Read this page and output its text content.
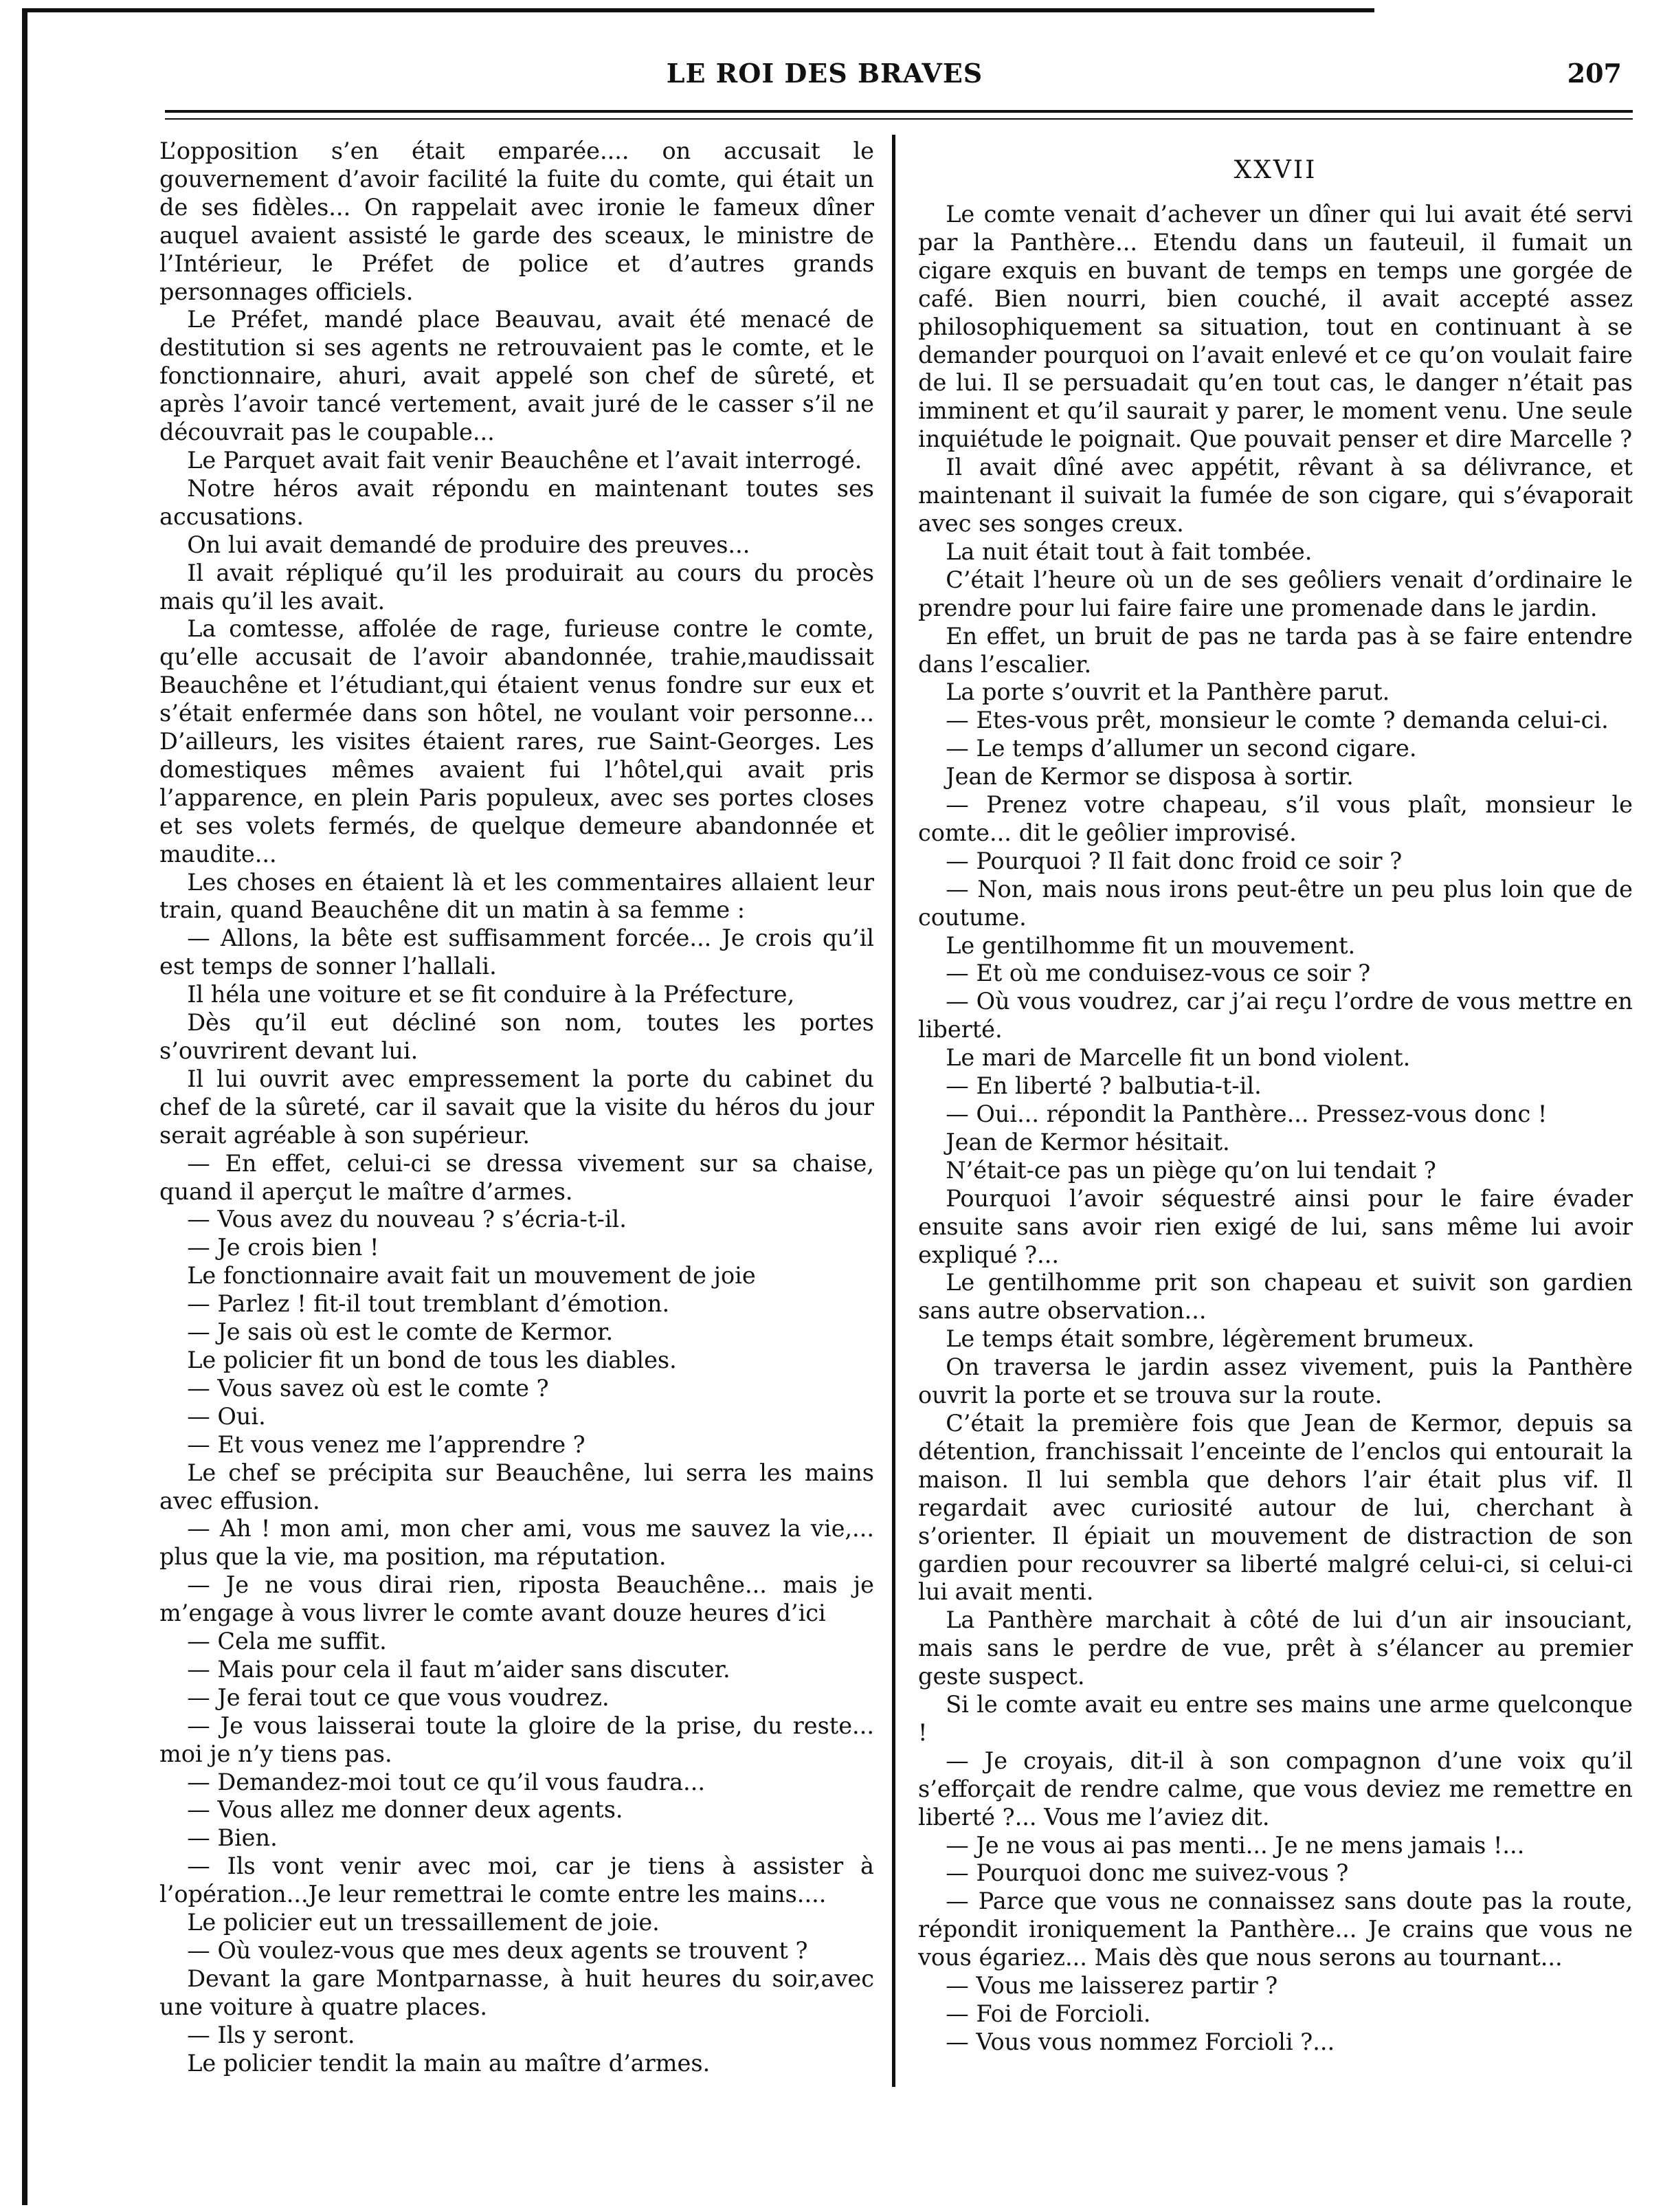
LE ROI DES BRAVES	207

L’opposition s’en était emparée.... on accusait le gouvernement d’avoir facilité la fuite du comte, qui était un de ses fidèles... On rappelait avec ironie le fameux dîner auquel avaient assisté le garde des sceaux, le ministre de l’Intérieur, le Préfet de police et d’autres grands personnages officiels.

Le Préfet, mandé place Beauvau, avait été menacé de destitution si ses agents ne retrouvaient pas le comte, et le fonctionnaire, ahuri, avait appelé son chef de sûreté, et après l’avoir tancé vertement, avait juré de le casser s’il ne découvrait pas le coupable...

Le Parquet avait fait venir Beauchêne et l’avait interrogé.

Notre héros avait répondu en maintenant toutes ses accusations.

On lui avait demandé de produire des preuves...

Il avait répliqué qu’il les produirait au cours du procès mais qu’il les avait.

La comtesse, affolée de rage, furieuse contre le comte, qu’elle accusait de l’avoir abandonnée, trahie,maudissait Beauchêne et l’étudiant,qui étaient venus fondre sur eux et s’était enfermée dans son hôtel, ne voulant voir personne... D’ailleurs, les visites étaient rares, rue Saint-Georges. Les domestiques mêmes avaient fui l’hôtel,qui avait pris l’apparence, en plein Paris populeux, avec ses portes closes et ses volets fermés, de quelque demeure abandonnée et maudite...

Les choses en étaient là et les commentaires allaient leur train, quand Beauchêne dit un matin à sa femme :

— Allons, la bête est suffisamment forcée... Je crois qu’il est temps de sonner l’hallali.

Il héla une voiture et se fit conduire à la Préfecture,

Dès qu’il eut décliné son nom, toutes les portes s’ouvrirent devant lui.

Il lui ouvrit avec empressement la porte du cabinet du chef de la sûreté, car il savait que la visite du héros du jour serait agréable à son supérieur.

— En effet, celui-ci se dressa vivement sur sa chaise, quand il aperçut le maître d’armes.

— Vous avez du nouveau ? s’écria-t-il.

— Je crois bien !

Le fonctionnaire avait fait un mouvement de joie

— Parlez ! fit-il tout tremblant d’émotion.

— Je sais où est le comte de Kermor.

Le policier fit un bond de tous les diables.

— Vous savez où est le comte ?

— Oui.

— Et vous venez me l’apprendre ?

Le chef se précipita sur Beauchêne, lui serra les mains avec effusion.

— Ah ! mon ami, mon cher ami, vous me sauvez la vie,... plus que la vie, ma position, ma réputation.

— Je ne vous dirai rien, riposta Beauchêne... mais je m’engage à vous livrer le comte avant douze heures d’ici

— Cela me suffit.

— Mais pour cela il faut m’aider sans discuter.

— Je ferai tout ce que vous voudrez.

— Je vous laisserai toute la gloire de la prise, du reste... moi je n’y tiens pas.

— Demandez-moi tout ce qu’il vous faudra...

— Vous allez me donner deux agents.

— Bien.

— Ils vont venir avec moi, car je tiens à assister à l’opération...Je leur remettrai le comte entre les mains....

Le policier eut un tressaillement de joie.

— Où voulez-vous que mes deux agents se trouvent ?

Devant la gare Montparnasse, à huit heures du soir,avec une voiture à quatre places.

— Ils y seront.

Le policier tendit la main au maître d’armes.

XXVII

Le comte venait d’achever un dîner qui lui avait été servi par la Panthère... Etendu dans un fauteuil, il fumait un cigare exquis en buvant de temps en temps une gorgée de café. Bien nourri, bien couché, il avait accepté assez philosophiquement sa situation, tout en continuant à se demander pourquoi on l’avait enlevé et ce qu’on voulait faire de lui. Il se persuadait qu’en tout cas, le danger n’était pas imminent et qu’il saurait y parer, le moment venu. Une seule inquiétude le poignait. Que pouvait penser et dire Marcelle ?

Il avait dîné avec appétit, rêvant à sa délivrance, et maintenant il suivait la fumée de son cigare, qui s’évaporait avec ses songes creux.

La nuit était tout à fait tombée.

C’était l’heure où un de ses geôliers venait d’ordinaire le prendre pour lui faire faire une promenade dans le jardin.

En effet, un bruit de pas ne tarda pas à se faire entendre dans l’escalier.

La porte s’ouvrit et la Panthère parut.

— Etes-vous prêt, monsieur le comte ? demanda celui-ci.

— Le temps d’allumer un second cigare.

Jean de Kermor se disposa à sortir.

— Prenez votre chapeau, s’il vous plaît, monsieur le comte... dit le geôlier improvisé.

— Pourquoi ? Il fait donc froid ce soir ?

— Non, mais nous irons peut-être un peu plus loin que de coutume.

Le gentilhomme fit un mouvement.

— Et où me conduisez-vous ce soir ?

— Où vous voudrez, car j’ai reçu l’ordre de vous mettre en liberté.

Le mari de Marcelle fit un bond violent.

— En liberté ? balbutia-t-il.

— Oui... répondit la Panthère... Pressez-vous donc !

Jean de Kermor hésitait.

N’était-ce pas un piège qu’on lui tendait ?

Pourquoi l’avoir séquestré ainsi pour le faire évader ensuite sans avoir rien exigé de lui, sans même lui avoir expliqué ?...

Le gentilhomme prit son chapeau et suivit son gardien sans autre observation...

Le temps était sombre, légèrement brumeux.

On traversa le jardin assez vivement, puis la Panthère ouvrit la porte et se trouva sur la route.

C’était la première fois que Jean de Kermor, depuis sa détention, franchissait l’enceinte de l’enclos qui entourait la maison. Il lui sembla que dehors l’air était plus vif. Il regardait avec curiosité autour de lui, cherchant à s’orienter. Il épiait un mouvement de distraction de son gardien pour recouvrer sa liberté malgré celui-ci, si celui-ci lui avait menti.

La Panthère marchait à côté de lui d’un air insouciant, mais sans le perdre de vue, prêt à s’élancer au premier geste suspect.

Si le comte avait eu entre ses mains une arme quelconque !

— Je croyais, dit-il à son compagnon d’une voix qu’il s’efforçait de rendre calme, que vous deviez me remettre en liberté ?... Vous me l’aviez dit.

— Je ne vous ai pas menti... Je ne mens jamais !...

— Pourquoi donc me suivez-vous ?

— Parce que vous ne connaissez sans doute pas la route, répondit ironiquement la Panthère... Je crains que vous ne vous égariez... Mais dès que nous serons au tournant...

— Vous me laisserez partir ?

— Foi de Forcioli.

— Vous vous nommez Forcioli ?...
